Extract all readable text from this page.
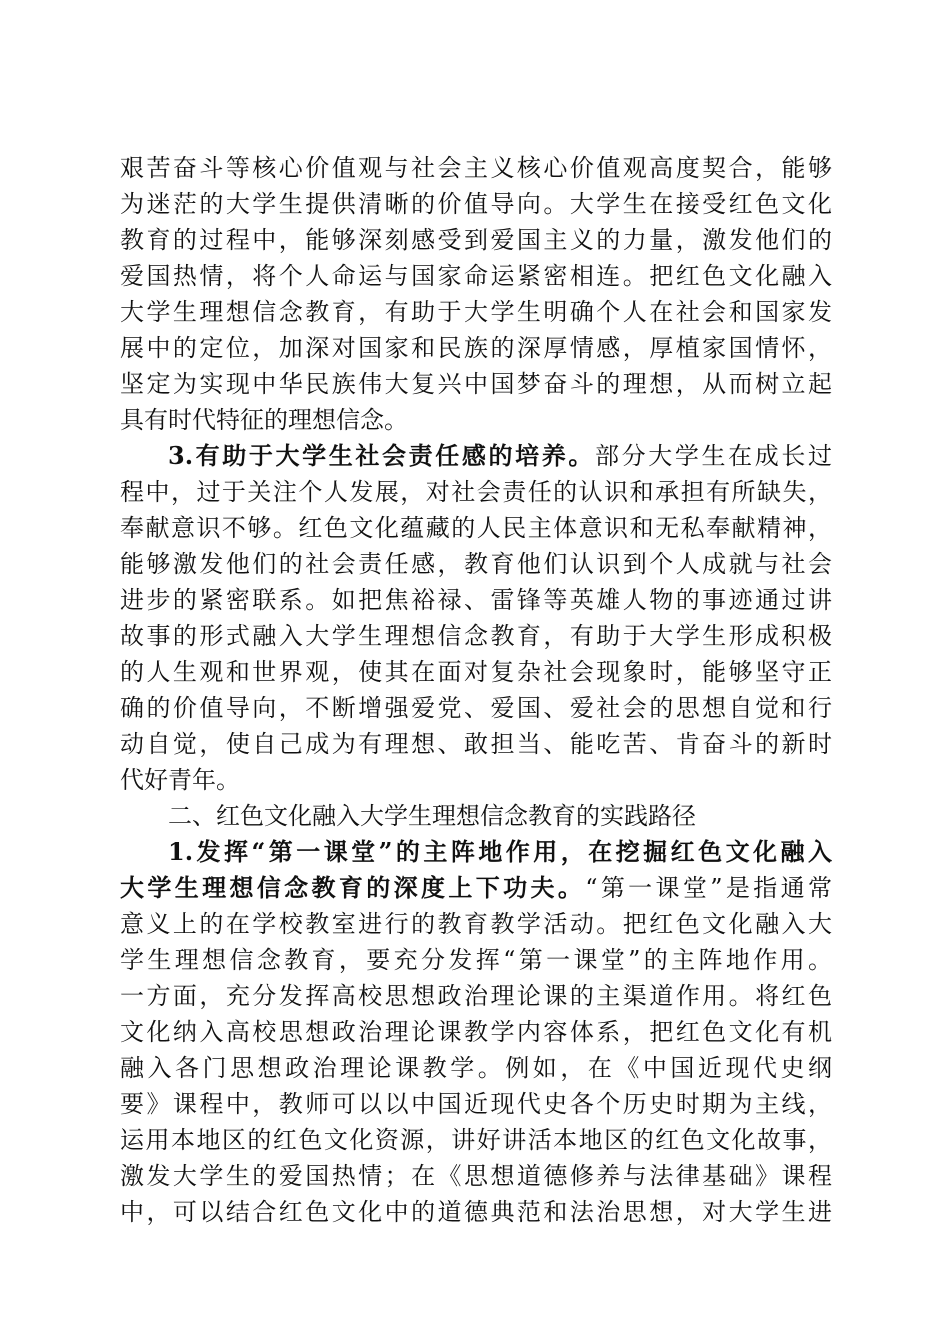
艰苦奋斗等核心价值观与社会主义核心价值观高度契合，能够
为迷茫的大学生提供清晰的价值导向。大学生在接受红色文化
教育的过程中，能够深刻感受到爱国主义的力量，激发他们的
爱国热情，将个人命运与国家命运紧密相连。把红色文化融入
大学生理想信念教育，有助于大学生明确个人在社会和国家发
展中的定位，加深对国家和民族的深厚情感，厚植家国情怀，
坚定为实现中华民族伟大复兴中国梦奋斗的理想，从而树立起
具有时代特征的理想信念。
3.有助于大学生社会责任感的培养。部分大学生在成长过
程中，过于关注个人发展，对社会责任的认识和承担有所缺失，
奉献意识不够。红色文化蕴藏的人民主体意识和无私奉献精神，
能够激发他们的社会责任感，教育他们认识到个人成就与社会
进步的紧密联系。如把焦裕禄、雷锋等英雄人物的事迹通过讲
故事的形式融入大学生理想信念教育，有助于大学生形成积极
的人生观和世界观，使其在面对复杂社会现象时，能够坚守正
确的价值导向，不断增强爱党、爱国、爱社会的思想自觉和行
动自觉，使自己成为有理想、敢担当、能吃苦、肯奋斗的新时
代好青年。
二、红色文化融入大学生理想信念教育的实践路径
1.发挥“第一课堂”的主阵地作用，在挖掘红色文化融入
大学生理想信念教育的深度上下功夫。“第一课堂”是指通常
意义上的在学校教室进行的教育教学活动。把红色文化融入大
学生理想信念教育，要充分发挥“第一课堂”的主阵地作用。
一方面，充分发挥高校思想政治理论课的主渠道作用。将红色
文化纳入高校思想政治理论课教学内容体系，把红色文化有机
融入各门思想政治理论课教学。例如，在《中国近现代史纲
要》课程中，教师可以以中国近现代史各个历史时期为主线，
运用本地区的红色文化资源，讲好讲活本地区的红色文化故事，
激发大学生的爱国热情；在《思想道德修养与法律基础》课程
中，可以结合红色文化中的道德典范和法治思想，对大学生进
